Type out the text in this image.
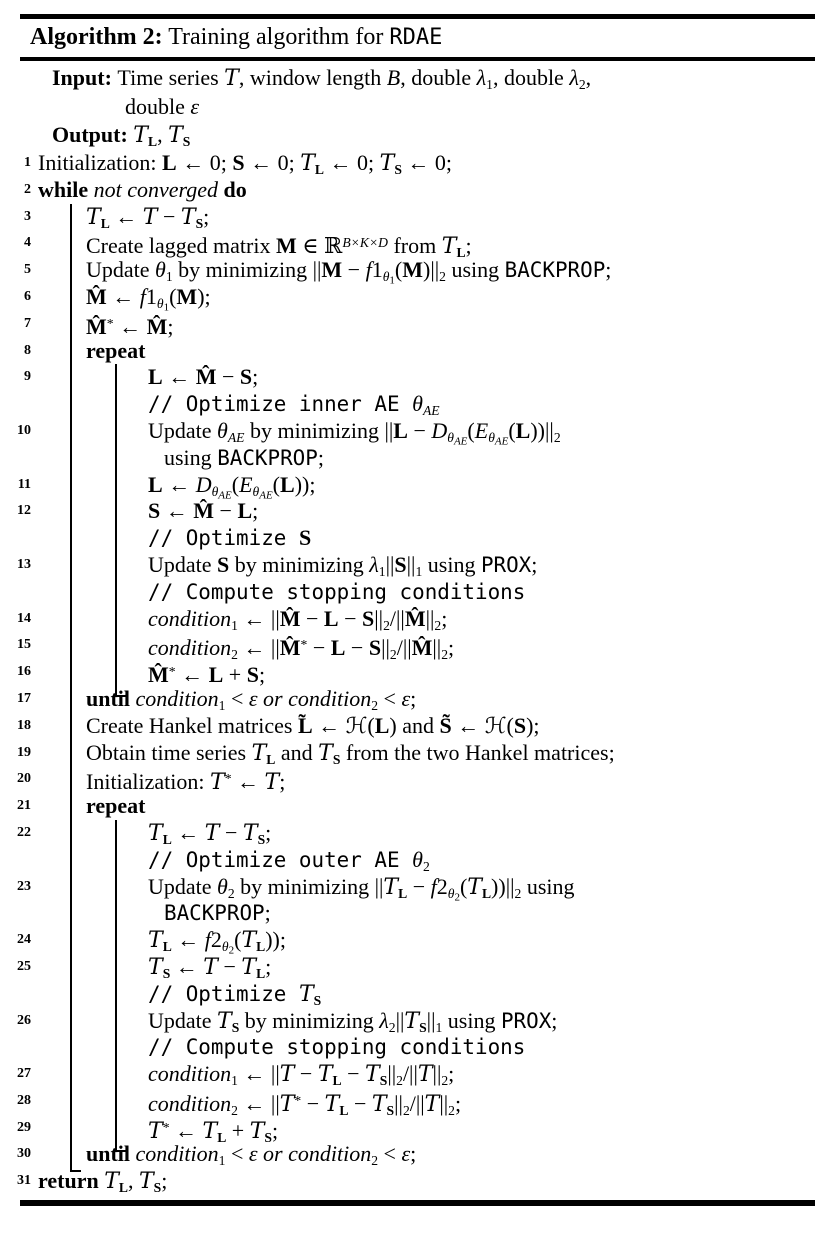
Algorithm 2: Training algorithm for RDAE
Input: Time series T, window length B, double $\lambda_1$, double $\lambda_2$,
double ε
Output: $T_L$, $T_S$
1 Initialization: L ← 0; S ← 0; $T_L$ ← 0; $T_S$ ← 0;
2 while not converged do
3	$T_L$ ← $T - T_S$;
4	Create lagged matrix M ∈ ℝ$^{B\times K\times D}$ from $T_L$;
5	Update $\theta_1$ by minimizing $||M - f1_{\theta 1}(M)||_2$ using BACKPROP;
6	M̂ ← $f1_{\theta 1}(M)$;
7	M̂* ← M̂;
8	repeat
9	L ← M̂ − S;
// Optimize inner AE $\theta_{AE}$
10	Update $\theta_{AE}$ by minimizing $||L - D_{\theta AE}(E_{\theta AE}(L))||_2$
using BACKPROP;
11	L ← $D_{\theta AE}(E_{\theta AE}(L))$;
12	S ← M̂ − L;
// Optimize S
13	Update S by minimizing $\lambda_1||S||_1$ using PROX;
// Compute stopping conditions
14	condition$_1$ ← ||M̂ − $L - S||_2/||M̂||_2$;
15	condition$_2$ ← ||M̂* − $L - S||_2/||M̂||_2$;
16	M̂* ← L + S;
17	until condition$_1$ < ε or condition$_2$ < ε;
18	Create Hankel matrices L̃ ← ℋ(L) and S̃ ← ℋ(S);
19	Obtain time series $T_L$ and $T_S$ from the two Hankel matrices;
20	Initialization: T* ← T;
21	repeat
22	$T_L$ ← $T - T_S$;
// Optimize outer AE $\theta_2$
23	Update $\theta_2$ by minimizing $||T_L - f2_{\theta 2}(T_L))||_2$ using
BACKPROP;
24	$T_L$ ← $f2_{\theta 2}(T_L)$);
25	$T_S$ ← $T - T_L$;
// Optimize $T_S$
26	Update $T_S$ by minimizing $\lambda_2||T_S||_1$ using PROX;
// Compute stopping conditions
27	condition$_1$ ← $||T - T_L - T_S||_2/||T||_2$;
28	condition$_2$ ← $||T^* - T_L - T_S||_2/||T||_2$;
29	T* ← $T_L + T_S$;
30	until condition$_1$ < ε or condition$_2$ < ε;
31 return $T_L$, $T_S$;
